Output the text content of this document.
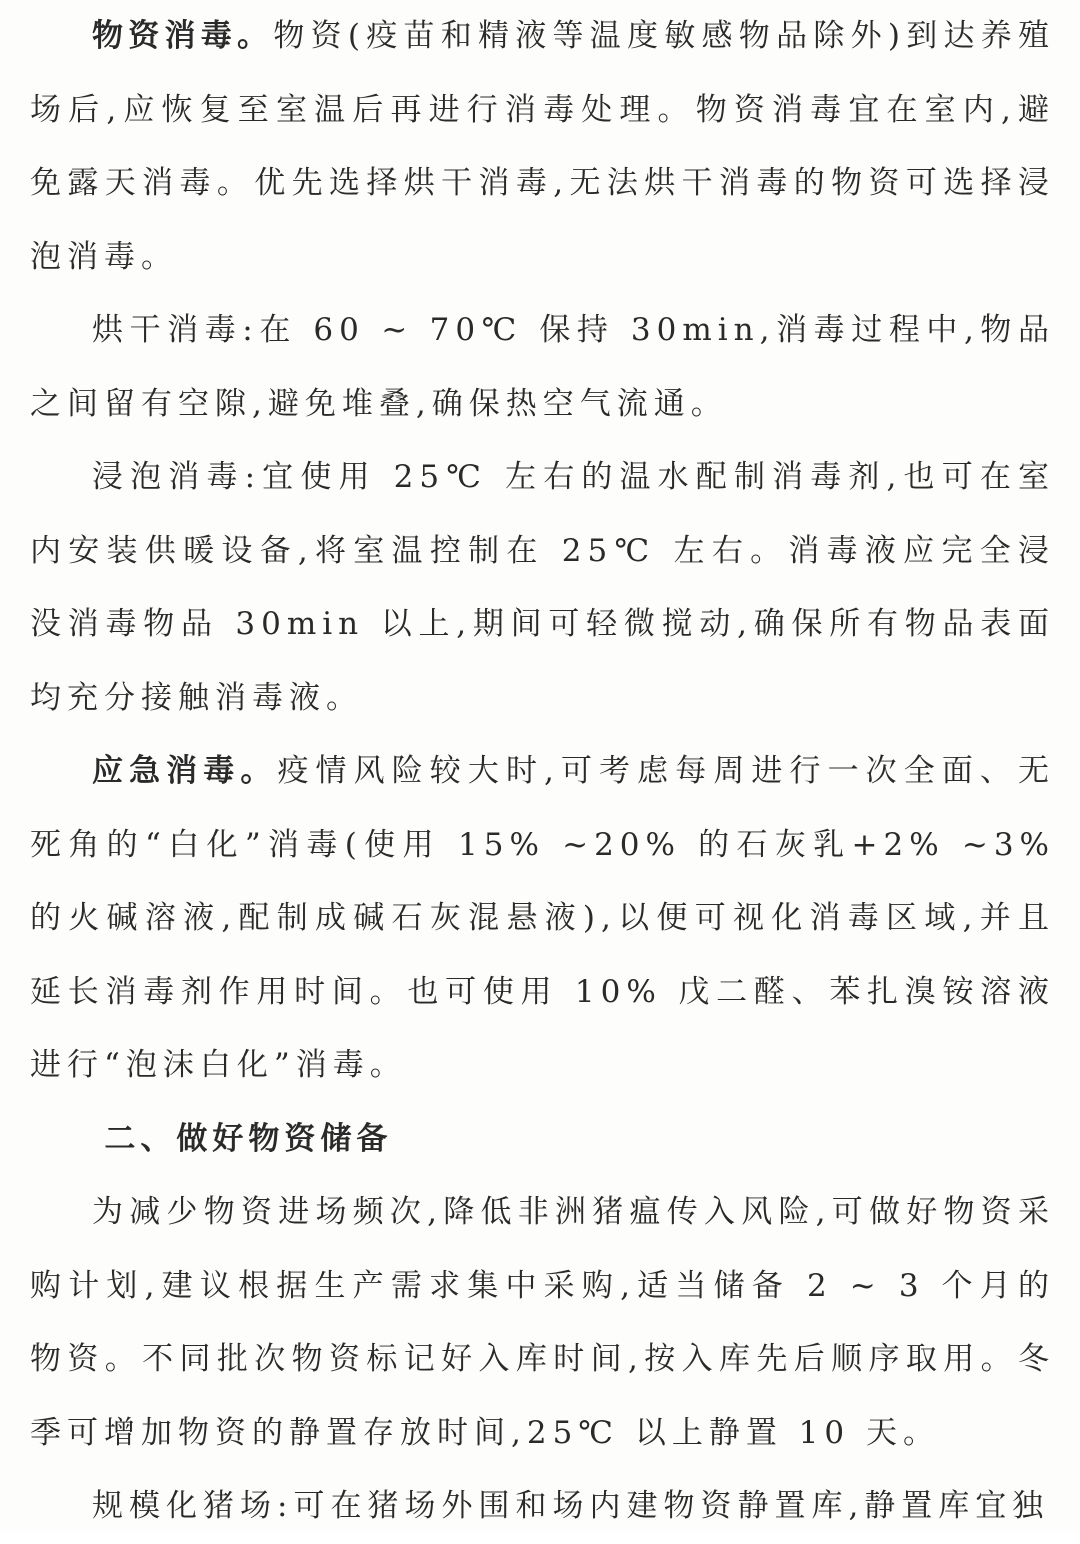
物资消毒。物资(疫苗和精液等温度敏感物品除外)到达养殖场后,应恢复至室温后再进行消毒处理。物资消毒宜在室内,避免露天消毒。优先选择烘干消毒,无法烘干消毒的物资可选择浸泡消毒。

烘干消毒:在 60 ~ 70℃ 保持 30min,消毒过程中,物品之间留有空隙,避免堆叠,确保热空气流通。

浸泡消毒:宜使用 25℃ 左右的温水配制消毒剂,也可在室内安装供暖设备,将室温控制在 25℃ 左右。消毒液应完全浸没消毒物品 30min 以上,期间可轻微搅动,确保所有物品表面均充分接触消毒液。

应急消毒。疫情风险较大时,可考虑每周进行一次全面、无死角的“白化”消毒(使用 15% ~20% 的石灰乳+2% ~3% 的火碱溶液,配制成碱石灰混悬液),以便可视化消毒区域,并且延长消毒剂作用时间。也可使用 10% 戊二醛、苯扎溴铵溶液进行“泡沫白化”消毒。

二、做好物资储备

为减少物资进场频次,降低非洲猪瘟传入风险,可做好物资采购计划,建议根据生产需求集中采购,适当储备 2 ~ 3 个月的物资。不同批次物资标记好入库时间,按入库先后顺序取用。冬季可增加物资的静置存放时间,25℃ 以上静置 10 天。

规模化猪场:可在猪场外围和场内建物资静置库,静置库宜独
